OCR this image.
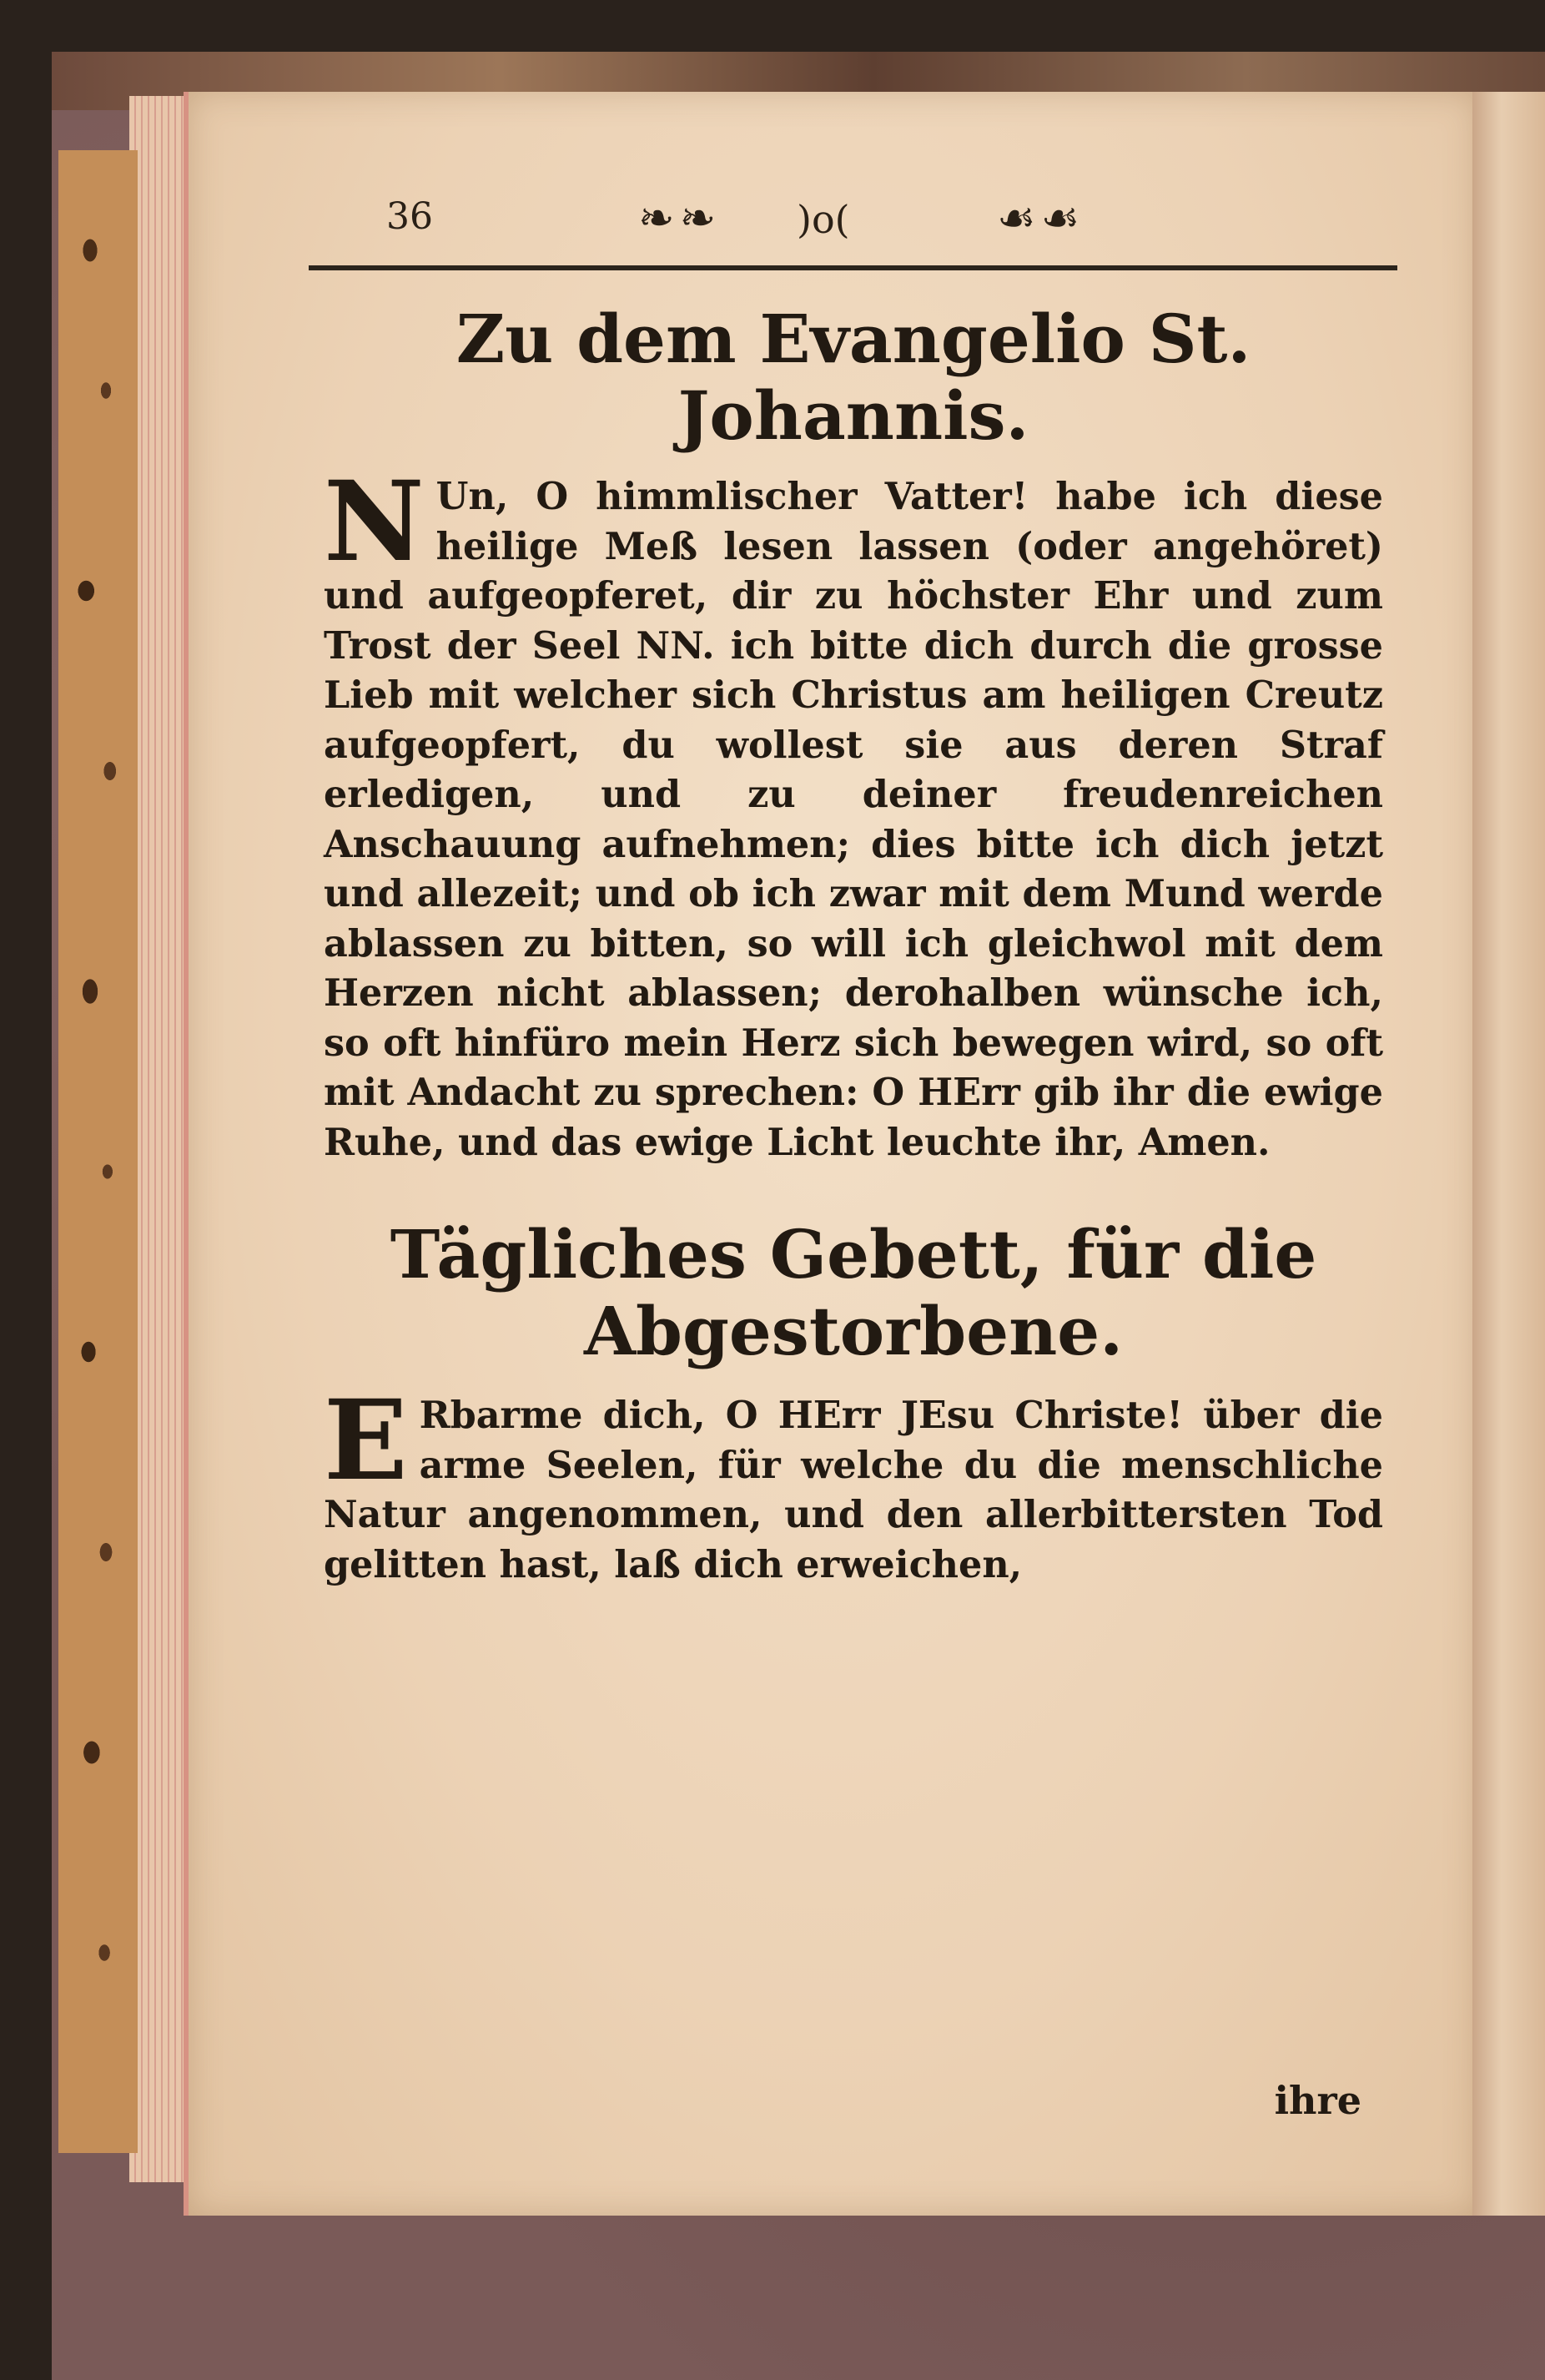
36	❧❧ )o(	☙☙
Zu dem Evangelio St. Johannis.

N Un, O himmlischer Vatter! habe ich diese heilige Meß lesen lassen (oder angehöret) und aufgeopferet, dir zu höchster Ehr und zum Trost der Seel NN. ich bitte dich durch die grosse Lieb mit welcher sich Christus am heiligen Creutz aufgeopfert, du wollest sie aus deren Straf erledigen, und zu deiner freudenreichen Anschauung aufnehmen; dies bitte ich dich jetzt und allezeit; und ob ich zwar mit dem Mund werde ablassen zu bitten, so will ich gleichwol mit dem Herzen nicht ablassen; derohalben wünsche ich, so oft hinfüro mein Herz sich bewegen wird, so oft mit Andacht zu sprechen: O HErr gib ihr die ewige Ruhe, und das ewige Licht leuchte ihr, Amen.

Tägliches Gebett, für die Abgestorbene.

E Rbarme dich, O HErr JEsu Christe! über die arme Seelen, für welche du die menschliche Natur angenommen, und den allerbittersten Tod gelitten hast, laß dich erweichen,

ihre
